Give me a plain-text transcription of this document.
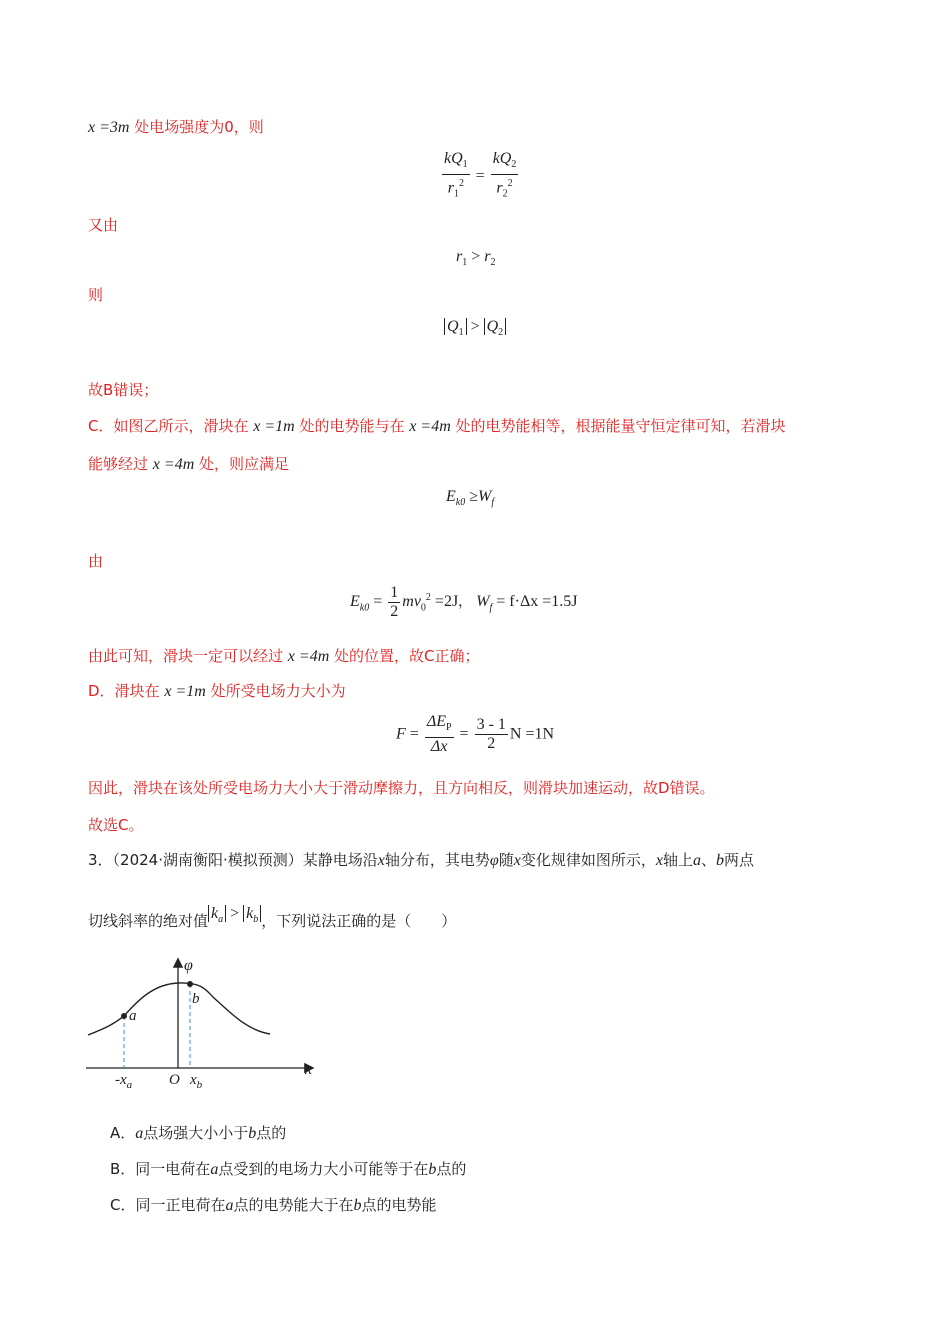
x =3m 处电场强度为0，则
$\frac{kQ_1}{r_1^2} = \frac{kQ_2}{r_2^2}$
又由
$r_1 > r_2$
则
$Q_1 > Q_2$
故B错误；
C．如图乙所示，滑块在 x =1m 处的电势能与在 x =4m 处的电势能相等，根据能量守恒定律可知，若滑块
能够经过 x =4m 处，则应满足
$E_{k0} \ge W_f$
由
$E_{k0} = \frac{1}{2} mv_0^2 =2J$， $W_f = f\cdot\Delta x =1.5J$
由此可知，滑块一定可以经过 x =4m 处的位置，故C正确；
D．滑块在 x =1m 处所受电场力大小为
$F = \frac{\Delta E_P}{\Delta x} = \frac{3 - 1}{2}$ N =1N
因此，滑块在该处所受电场力大小大于滑动摩擦力，且方向相反，则滑块加速运动，故D错误。
故选C。
3．（2024·湖南衡阳·模拟预测）某静电场沿x轴分布，其电势φ随x变化规律如图所示，x轴上a、b两点
切线斜率的绝对值 $k_a > k_b$ ，下列说法正确的是（　　）
a
b
φ
x
O
$-x_a$	$x_b$
A．a点场强大小小于b点的
B．同一电荷在a点受到的电场力大小可能等于在b点的
C．同一正电荷在a点的电势能大于在b点的电势能
